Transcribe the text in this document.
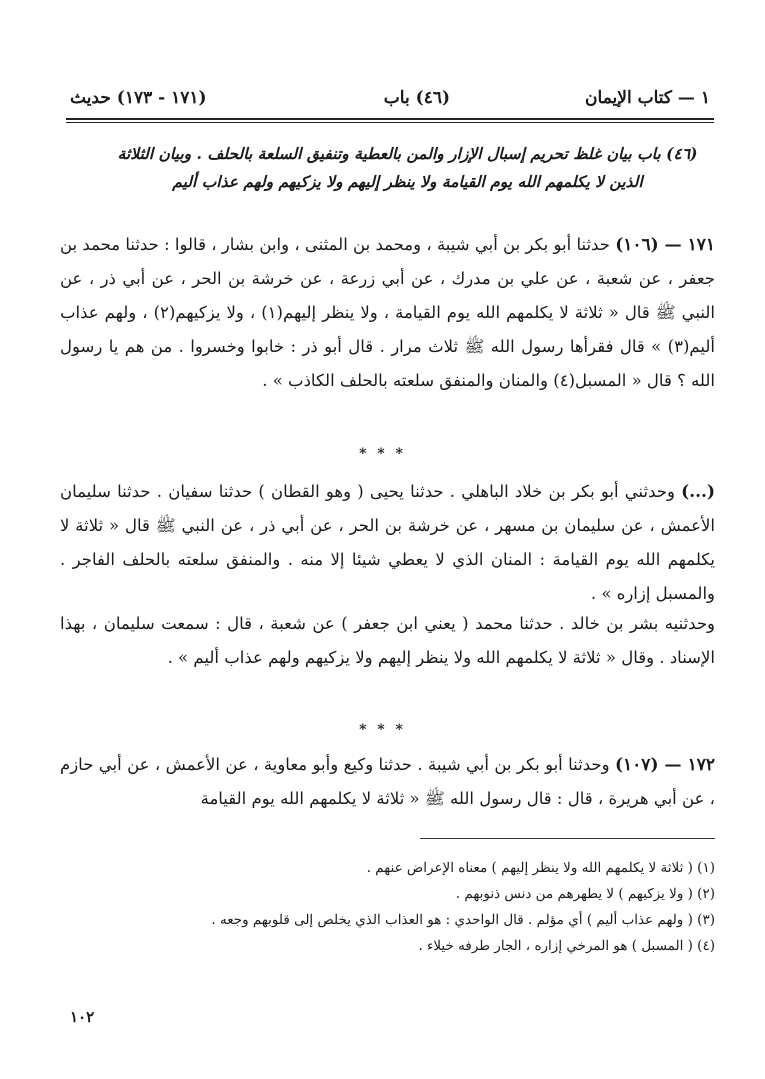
١ — كتاب الإيمان
(٤٦) باب
(١٧١ - ١٧٣) حديث
(٤٦) باب بيان غلظ تحريم إسبال الإزار والمن بالعطية وتنفيق السلعة بالحلف . وبيان الثلاثة الذين لا يكلمهم الله يوم القيامة ولا ينظر إليهم ولا يزكيهم ولهم عذاب أليم
١٧١ — (١٠٦) حدثنا أبو بكر بن أبي شيبة ، ومحمد بن المثنى ، وابن بشار ، قالوا : حدثنا محمد بن جعفر ، عن شعبة ، عن علي بن مدرك ، عن أبي زرعة ، عن خرشة بن الحر ، عن أبي ذر ، عن النبي ﷺ قال « ثلاثة لا يكلمهم الله يوم القيامة ، ولا ينظر إليهم(١) ، ولا يزكيهم(٢) ، ولهم عذاب أليم(٣) » قال فقرأها رسول الله ﷺ ثلاث مرار . قال أبو ذر : خابوا وخسروا . من هم يا رسول الله ؟ قال « المسبل(٤) والمنان والمنفق سلعته بالحلف الكاذب » .
* * *
(...) وحدثني أبو بكر بن خلاد الباهلي . حدثنا يحيى ( وهو القطان ) حدثنا سفيان . حدثنا سليمان الأعمش ، عن سليمان بن مسهر ، عن خرشة بن الحر ، عن أبي ذر ، عن النبي ﷺ قال « ثلاثة لا يكلمهم الله يوم القيامة : المنان الذي لا يعطي شيئا إلا منه . والمنفق سلعته بالحلف الفاجر . والمسبل إزاره » .
وحدثنيه بشر بن خالد . حدثنا محمد ( يعني ابن جعفر ) عن شعبة ، قال : سمعت سليمان ، بهذا الإسناد . وقال « ثلاثة لا يكلمهم الله ولا ينظر إليهم ولا يزكيهم ولهم عذاب أليم » .
* * *
١٧٢ — (١٠٧) وحدثنا أبو بكر بن أبي شيبة . حدثنا وكيع وأبو معاوية ، عن الأعمش ، عن أبي حازم ، عن أبي هريرة ، قال : قال رسول الله ﷺ « ثلاثة لا يكلمهم الله يوم القيامة
(١) ( ثلاثة لا يكلمهم الله ولا ينظر إليهم ) معناه الإعراض عنهم .
(٢) ( ولا يزكيهم ) لا يطهرهم من دنس ذنوبهم .
(٣) ( ولهم عذاب أليم ) أي مؤلم . قال الواحدي : هو العذاب الذي يخلص إلى قلوبهم وجعه .
(٤) ( المسبل ) هو المرخي إزاره ، الجار طرفه خيلاء .
١٠٢
